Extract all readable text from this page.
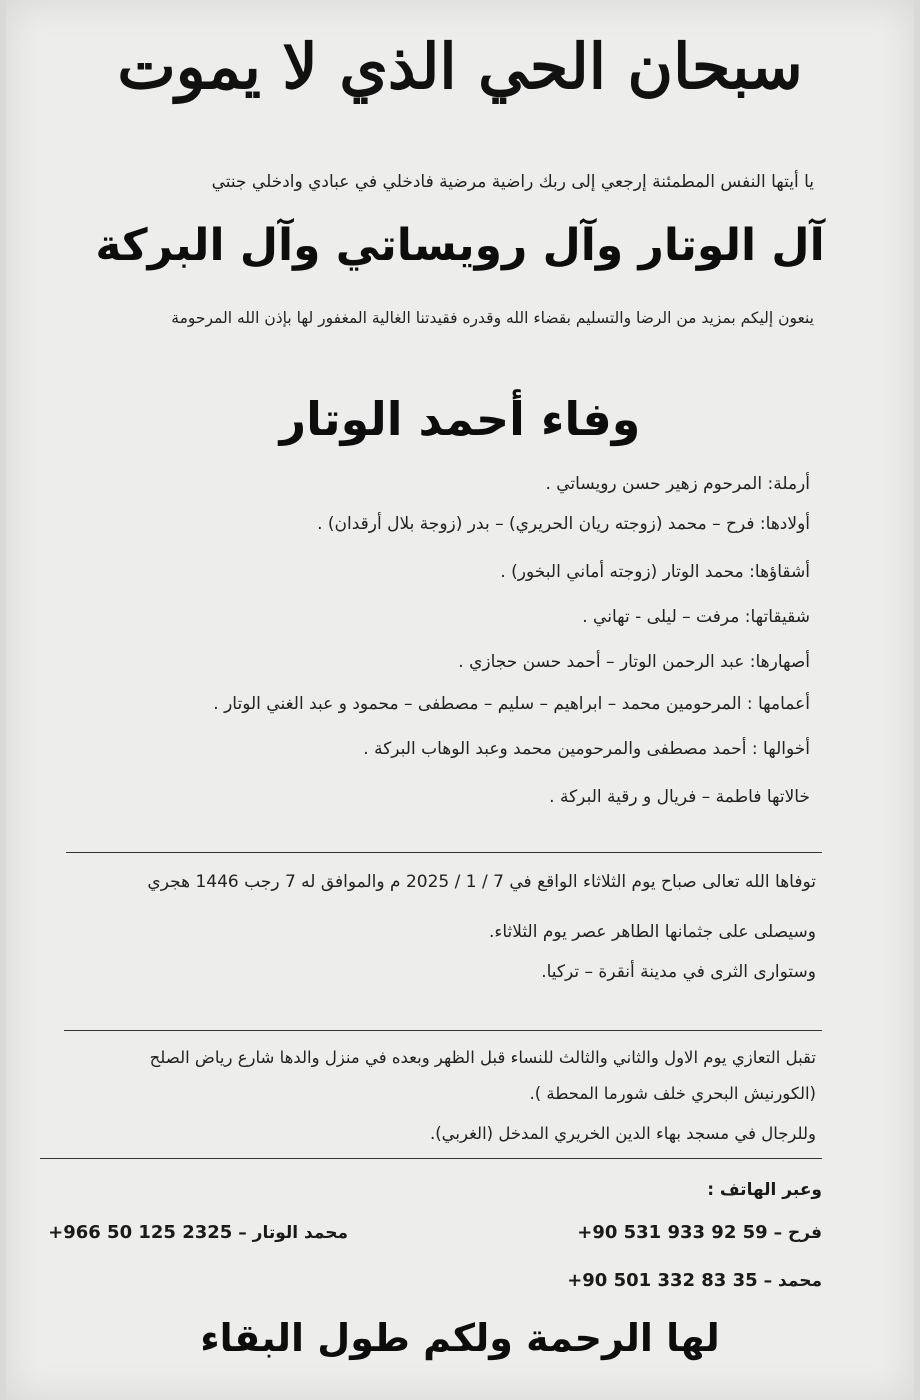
سبحان الحي الذي لا يموت
يا أيتها النفس المطمئنة إرجعي إلى ربك راضية مرضية فادخلي في عبادي وادخلي جنتي
آل الوتار وآل رويساتي وآل البركة
ينعون إليكم بمزيد من الرضا والتسليم بقضاء الله وقدره فقيدتنا الغالية المغفور لها بإذن الله المرحومة
وفاء أحمد الوتار
أرملة: المرحوم زهير حسن رويساتي .
أولادها: فرح – محمد (زوجته ريان الحريري) – بدر (زوجة بلال أرقدان) .
أشقاؤها: محمد الوتار (زوجته أماني البخور) .
شقيقاتها: مرفت – ليلى - تهاني .
أصهارها: عبد الرحمن الوتار – أحمد حسن حجازي .
أعمامها : المرحومين محمد – ابراهيم – سليم – مصطفى – محمود و عبد الغني الوتار .
أخوالها : أحمد مصطفى والمرحومين محمد وعبد الوهاب البركة .
خالاتها فاطمة – فريال و رقية البركة .
توفاها الله تعالى صباح يوم الثلاثاء الواقع في 7 / 1 / 2025 م والموافق له 7 رجب 1446 هجري
وسيصلى على جثمانها الطاهر عصر يوم الثلاثاء.
وستوارى الثرى في مدينة أنقرة – تركيا.
تقبل التعازي يوم الاول والثاني والثالث للنساء قبل الظهر وبعده في منزل والدها شارع رياض الصلح
(الكورنيش البحري خلف شورما المحطة ).
وللرجال في مسجد بهاء الدين الخريري المدخل (الغربي).
وعبر الهاتف :
فرح – +90 531 933 92 59
محمد الوتار – +966 50 125 2325
محمد – +90 501 332 83 35
لها الرحمة ولكم طول البقاء
